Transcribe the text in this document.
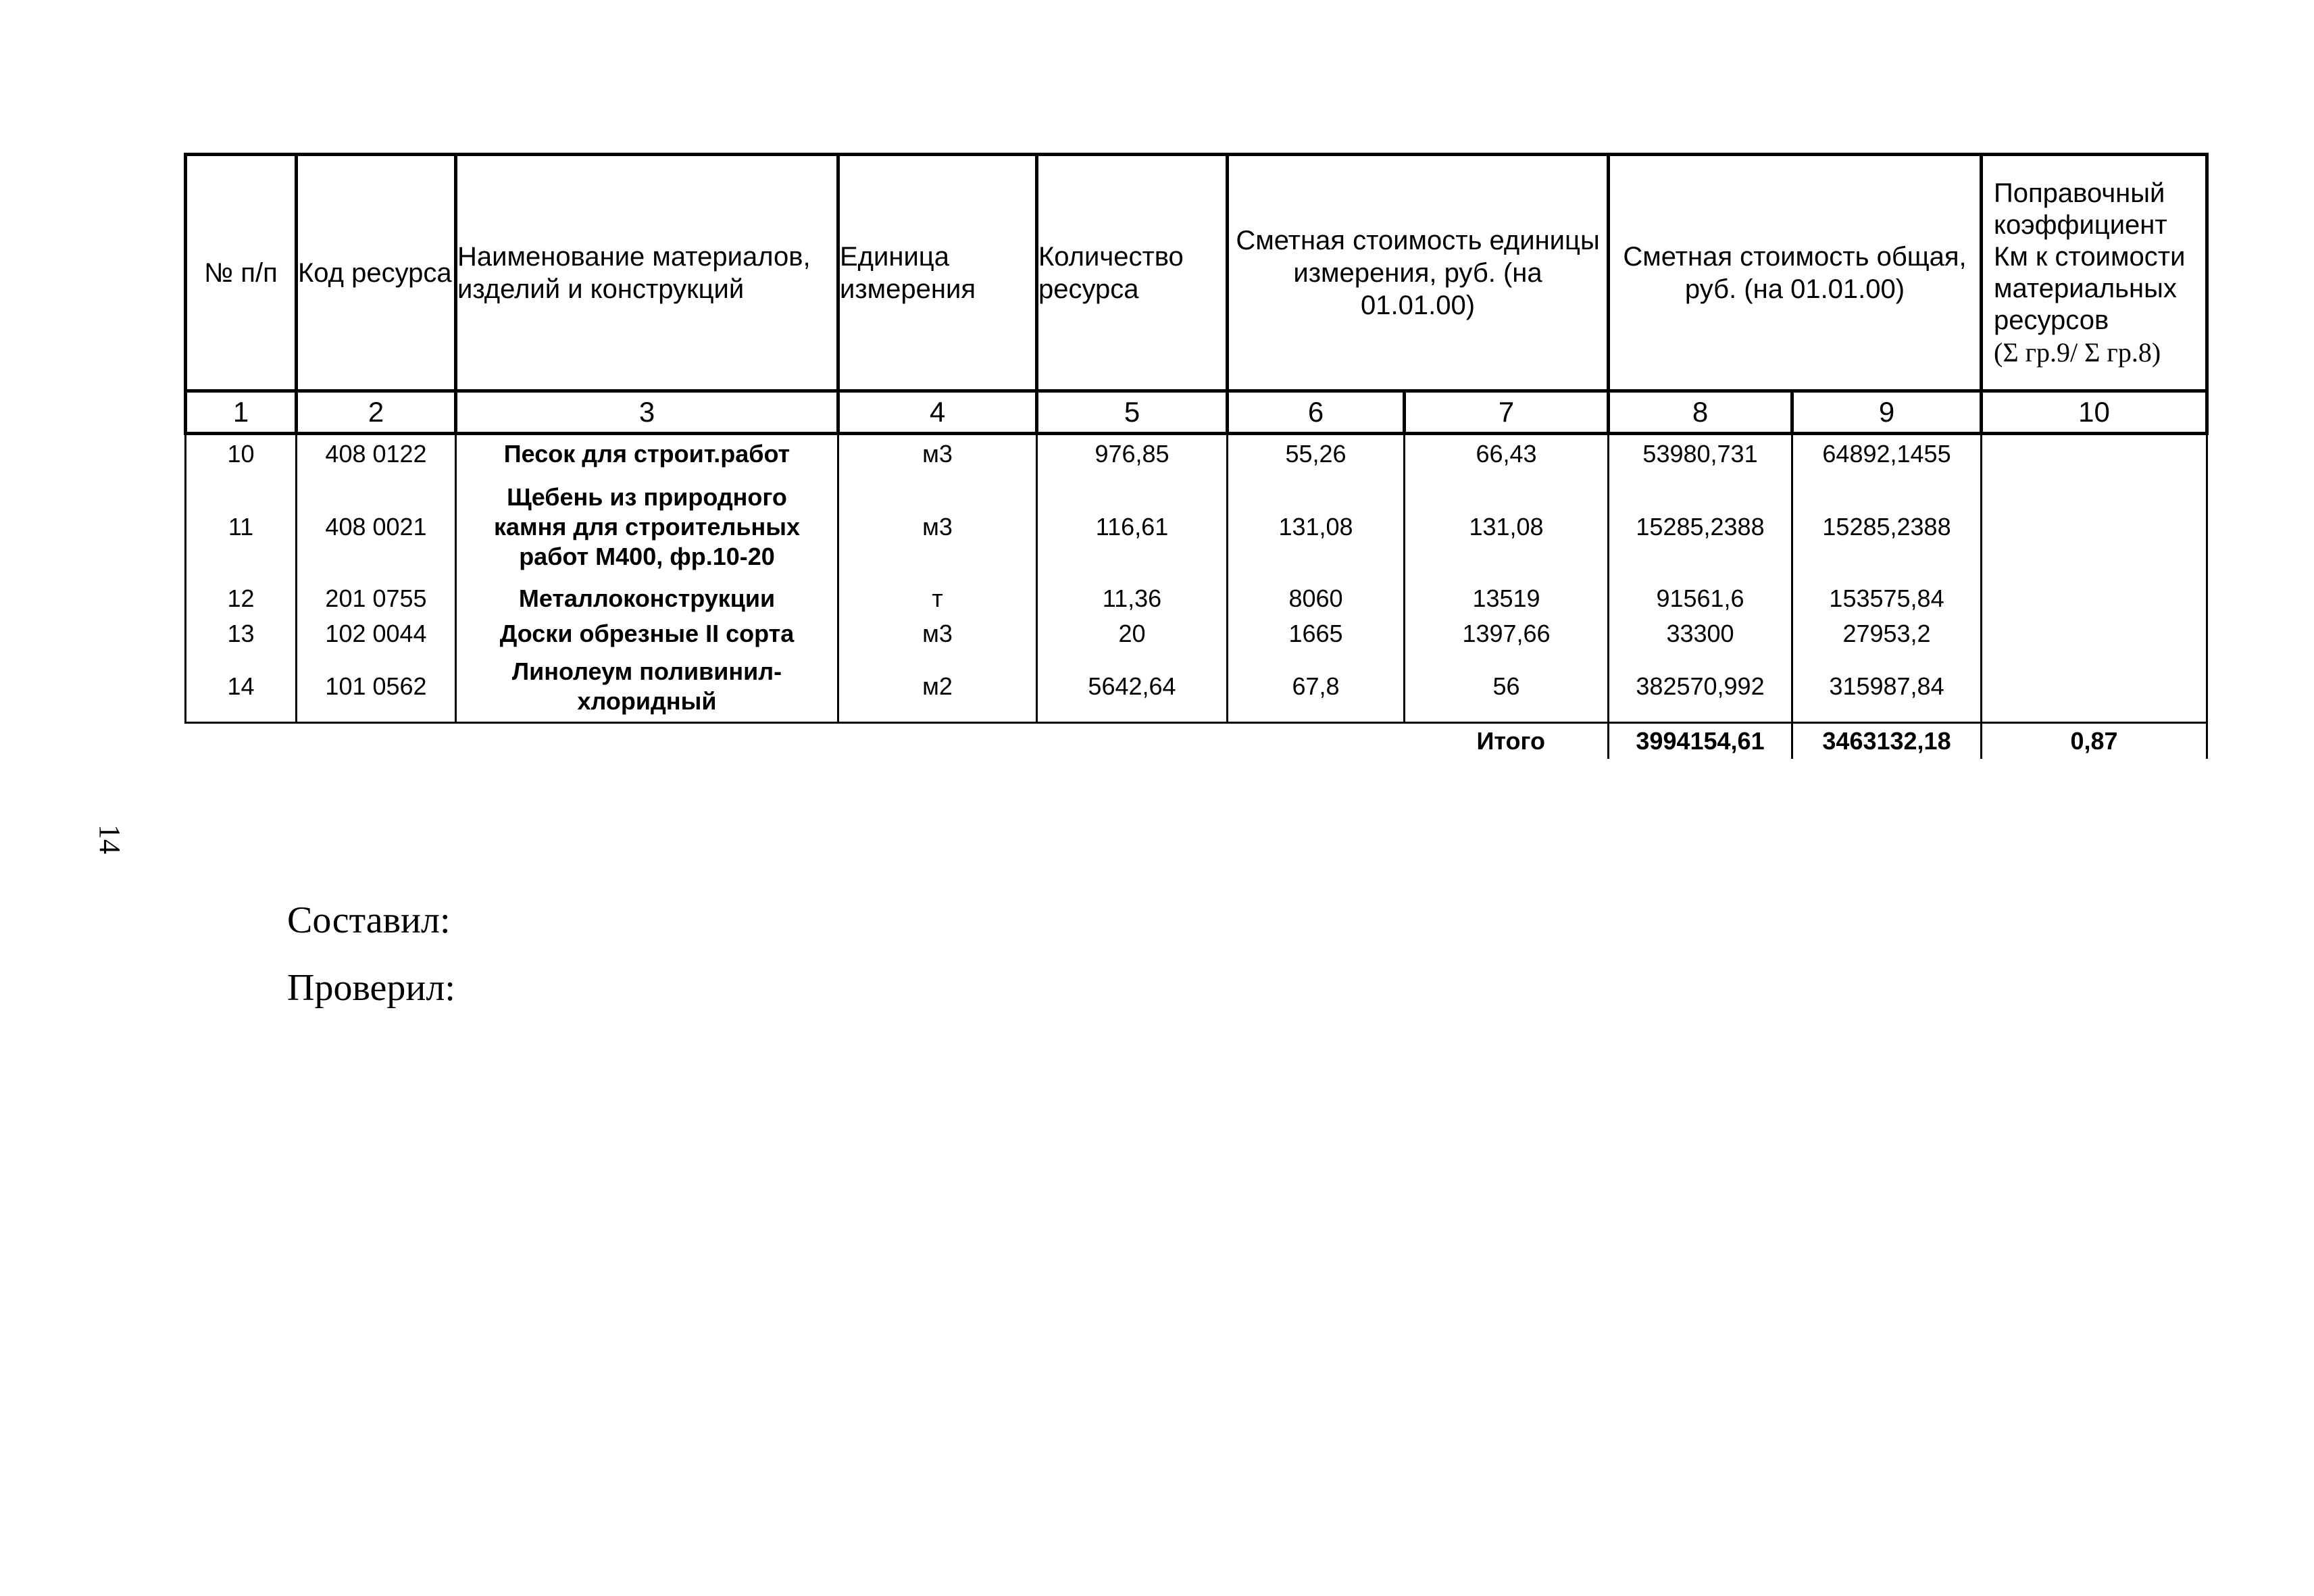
№ п/п	Код ресурса	Наименование материалов, изделий и конструкций	Единица измерения	Количество ресурса	Сметная стоимость единицы измерения, руб. (на 01.01.00)		Сметная стоимость общая, руб. (на 01.01.00)		Поправочный коэффициент Км к стоимости материальных ресурсов
(Σ гр.9/ Σ гр.8)

1	2	3	4	5	6	7	8	9	10
10	408 0122	Песок для строит.работ	м3	976,85	55,26	66,43	53980,731	64892,1455	
11	408 0021	Щебень из природного камня для строительных работ М400, фр.10-20	м3	116,61	131,08	131,08	15285,2388	15285,2388	
12	201 0755	Металлоконструкции	т	11,36	8060	13519	91561,6	153575,84	
13	102 0044	Доски обрезные II сорта	м3	20	1665	1397,66	33300	27953,2	
14	101 0562	Линолеум поливинил-хлоридный	м2	5642,64	67,8	56	382570,992	315987,84	
Итого							3994154,61	3463132,18	0,87
14
Составил:
Проверил:
